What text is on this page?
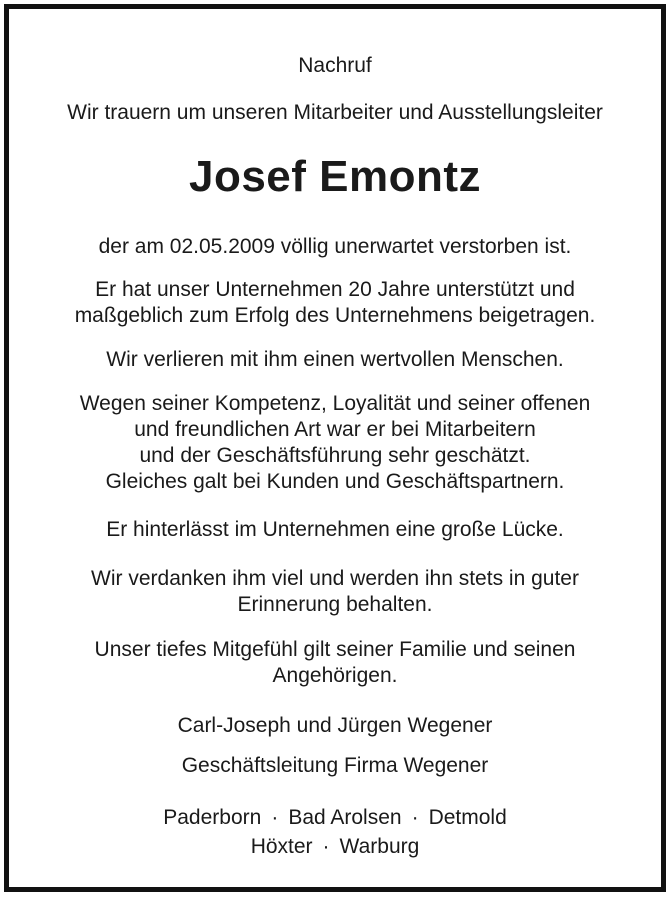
Nachruf
Wir trauern um unseren Mitarbeiter und Ausstellungsleiter
Josef Emontz
der am 02.05.2009 völlig unerwartet verstorben ist.
Er hat unser Unternehmen 20 Jahre unterstützt und
maßgeblich zum Erfolg des Unternehmens beigetragen.
Wir verlieren mit ihm einen wertvollen Menschen.
Wegen seiner Kompetenz, Loyalität und seiner offenen
und freundlichen Art war er bei Mitarbeitern
und der Geschäftsführung sehr geschätzt.
Gleiches galt bei Kunden und Geschäftspartnern.
Er hinterlässt im Unternehmen eine große Lücke.
Wir verdanken ihm viel und werden ihn stets in guter
Erinnerung behalten.
Unser tiefes Mitgefühl gilt seiner Familie und seinen
Angehörigen.
Carl-Joseph und Jürgen Wegener
Geschäftsleitung Firma Wegener
Paderborn · Bad Arolsen · Detmold
Höxter · Warburg
